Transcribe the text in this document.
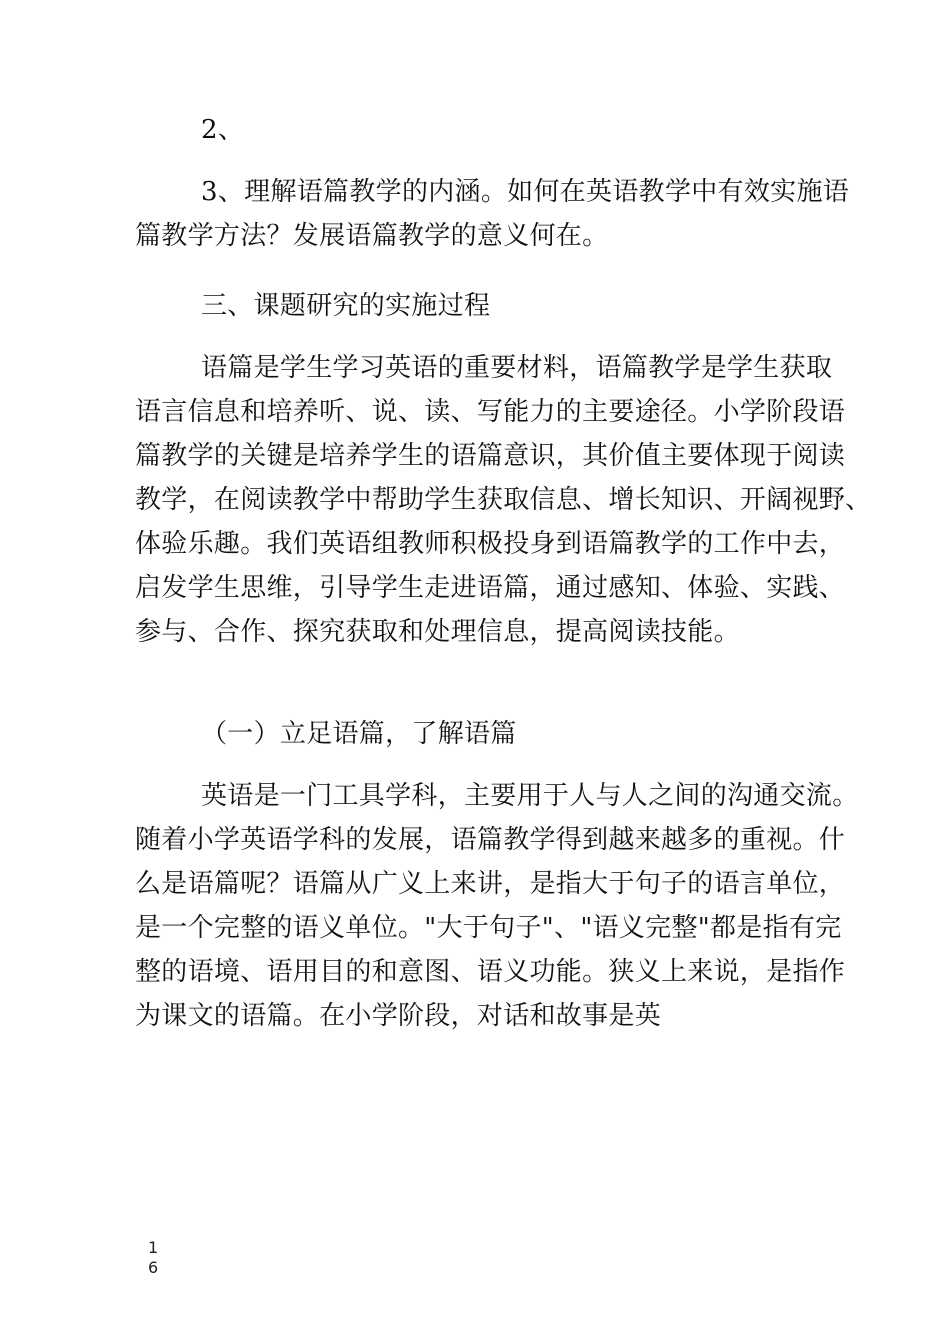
2、

3、理解语篇教学的内涵。如何在英语教学中有效实施语
篇教学方法？发展语篇教学的意义何在。

三、课题研究的实施过程

语篇是学生学习英语的重要材料，语篇教学是学生获取
语言信息和培养听、说、读、写能力的主要途径。小学阶段语
篇教学的关键是培养学生的语篇意识，其价值主要体现于阅读
教学，在阅读教学中帮助学生获取信息、增长知识、开阔视野、
体验乐趣。我们英语组教师积极投身到语篇教学的工作中去，
启发学生思维，引导学生走进语篇，通过感知、体验、实践、
参与、合作、探究获取和处理信息，提高阅读技能。

（一）立足语篇，了解语篇

英语是一门工具学科，主要用于人与人之间的沟通交流。
随着小学英语学科的发展，语篇教学得到越来越多的重视。什
么是语篇呢？语篇从广义上来讲，是指大于句子的语言单位，
是一个完整的语义单位。"大于句子"、"语义完整"都是指有完
整的语境、语用目的和意图、语义功能。狭义上来说，是指作
为课文的语篇。在小学阶段，对话和故事是英

1
6
